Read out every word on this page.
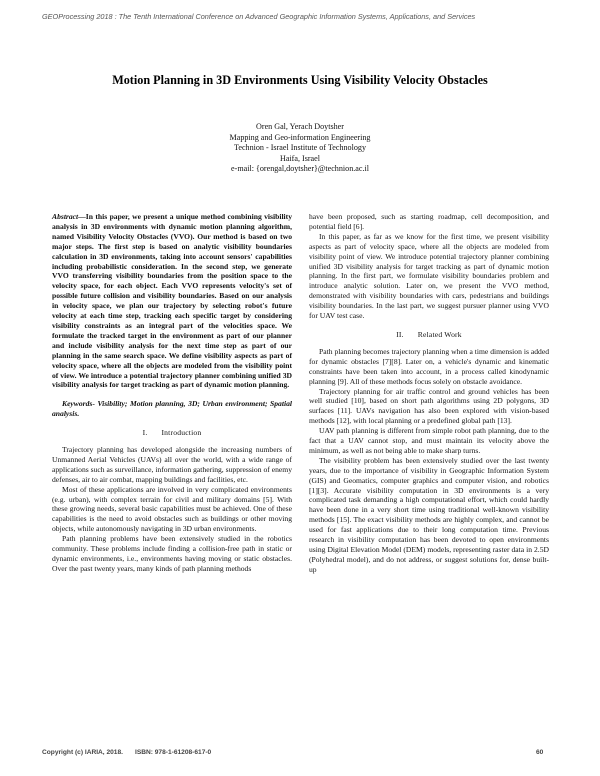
GEOProcessing 2018 : The Tenth International Conference on Advanced Geographic Information Systems, Applications, and Services
Motion Planning in 3D Environments Using Visibility Velocity Obstacles
Oren Gal, Yerach Doytsher
Mapping and Geo-information Engineering
Technion - Israel Institute of Technology
Haifa, Israel
e-mail: {orengal,doytsher}@technion.ac.il

Abstract—In this paper, we present a unique method combining visibility analysis in 3D environments with dynamic motion planning algorithm, named Visibility Velocity Obstacles (VVO). Our method is based on two major steps. The first step is based on analytic visibility boundaries calculation in 3D environments, taking into account sensors' capabilities including probabilistic consideration. In the second step, we generate VVO transferring visibility boundaries from the position space to the velocity space, for each object. Each VVO represents velocity's set of possible future collision and visibility boundaries. Based on our analysis in velocity space, we plan our trajectory by selecting robot's future velocity at each time step, tracking each specific target by considering visibility constraints as an integral part of the velocities space. We formulate the tracked target in the environment as part of our planner and include visibility analysis for the next time step as part of our planning in the same search space. We define visibility aspects as part of velocity space, where all the objects are modeled from the visibility point of view. We introduce a potential trajectory planner combining unified 3D visibility analysis for target tracking as part of dynamic motion planning.

Keywords- Visibility; Motion planning, 3D; Urban environment; Spatial analysis.

I. Introduction

Trajectory planning has developed alongside the increasing numbers of Unmanned Aerial Vehicles (UAVs) all over the world, with a wide range of applications such as surveillance, information gathering, suppression of enemy defenses, air to air combat, mapping buildings and facilities, etc.

Most of these applications are involved in very complicated environments (e.g. urban), with complex terrain for civil and military domains [5]. With these growing needs, several basic capabilities must be achieved. One of these capabilities is the need to avoid obstacles such as buildings or other moving objects, while autonomously navigating in 3D urban environments.

Path planning problems have been extensively studied in the robotics community. These problems include finding a collision-free path in static or dynamic environments, i.e., environments having moving or static obstacles. Over the past twenty years, many kinds of path planning methods

have been proposed, such as starting roadmap, cell decomposition, and potential field [6].

In this paper, as far as we know for the first time, we present visibility aspects as part of velocity space, where all the objects are modeled from visibility point of view. We introduce potential trajectory planner combining unified 3D visibility analysis for target tracking as part of dynamic motion planning. In the first part, we formulate visibility boundaries problem and introduce analytic solution. Later on, we present the VVO method, demonstrated with visibility boundaries with cars, pedestrians and buildings visibility boundaries. In the last part, we suggest pursuer planner using VVO for UAV test case.

II. Related Work

Path planning becomes trajectory planning when a time dimension is added for dynamic obstacles [7][8]. Later on, a vehicle's dynamic and kinematic constraints have been taken into account, in a process called kinodynamic planning [9]. All of these methods focus solely on obstacle avoidance.

Trajectory planning for air traffic control and ground vehicles has been well studied [10], based on short path algorithms using 2D polygons, 3D surfaces [11]. UAVs navigation has also been explored with vision-based methods [12], with local planning or a predefined global path [13].

UAV path planning is different from simple robot path planning, due to the fact that a UAV cannot stop, and must maintain its velocity above the minimum, as well as not being able to make sharp turns.

The visibility problem has been extensively studied over the last twenty years, due to the importance of visibility in Geographic Information System (GIS) and Geomatics, computer graphics and computer vision, and robotics [1][3]. Accurate visibility computation in 3D environments is a very complicated task demanding a high computational effort, which could hardly have been done in a very short time using traditional well-known visibility methods [15]. The exact visibility methods are highly complex, and cannot be used for fast applications due to their long computation time. Previous research in visibility computation has been devoted to open environments using Digital Elevation Model (DEM) models, representing raster data in 2.5D (Polyhedral model), and do not address, or suggest solutions for, dense built-up

Copyright (c) IARIA, 2018. ISBN: 978-1-61208-617-0	60
